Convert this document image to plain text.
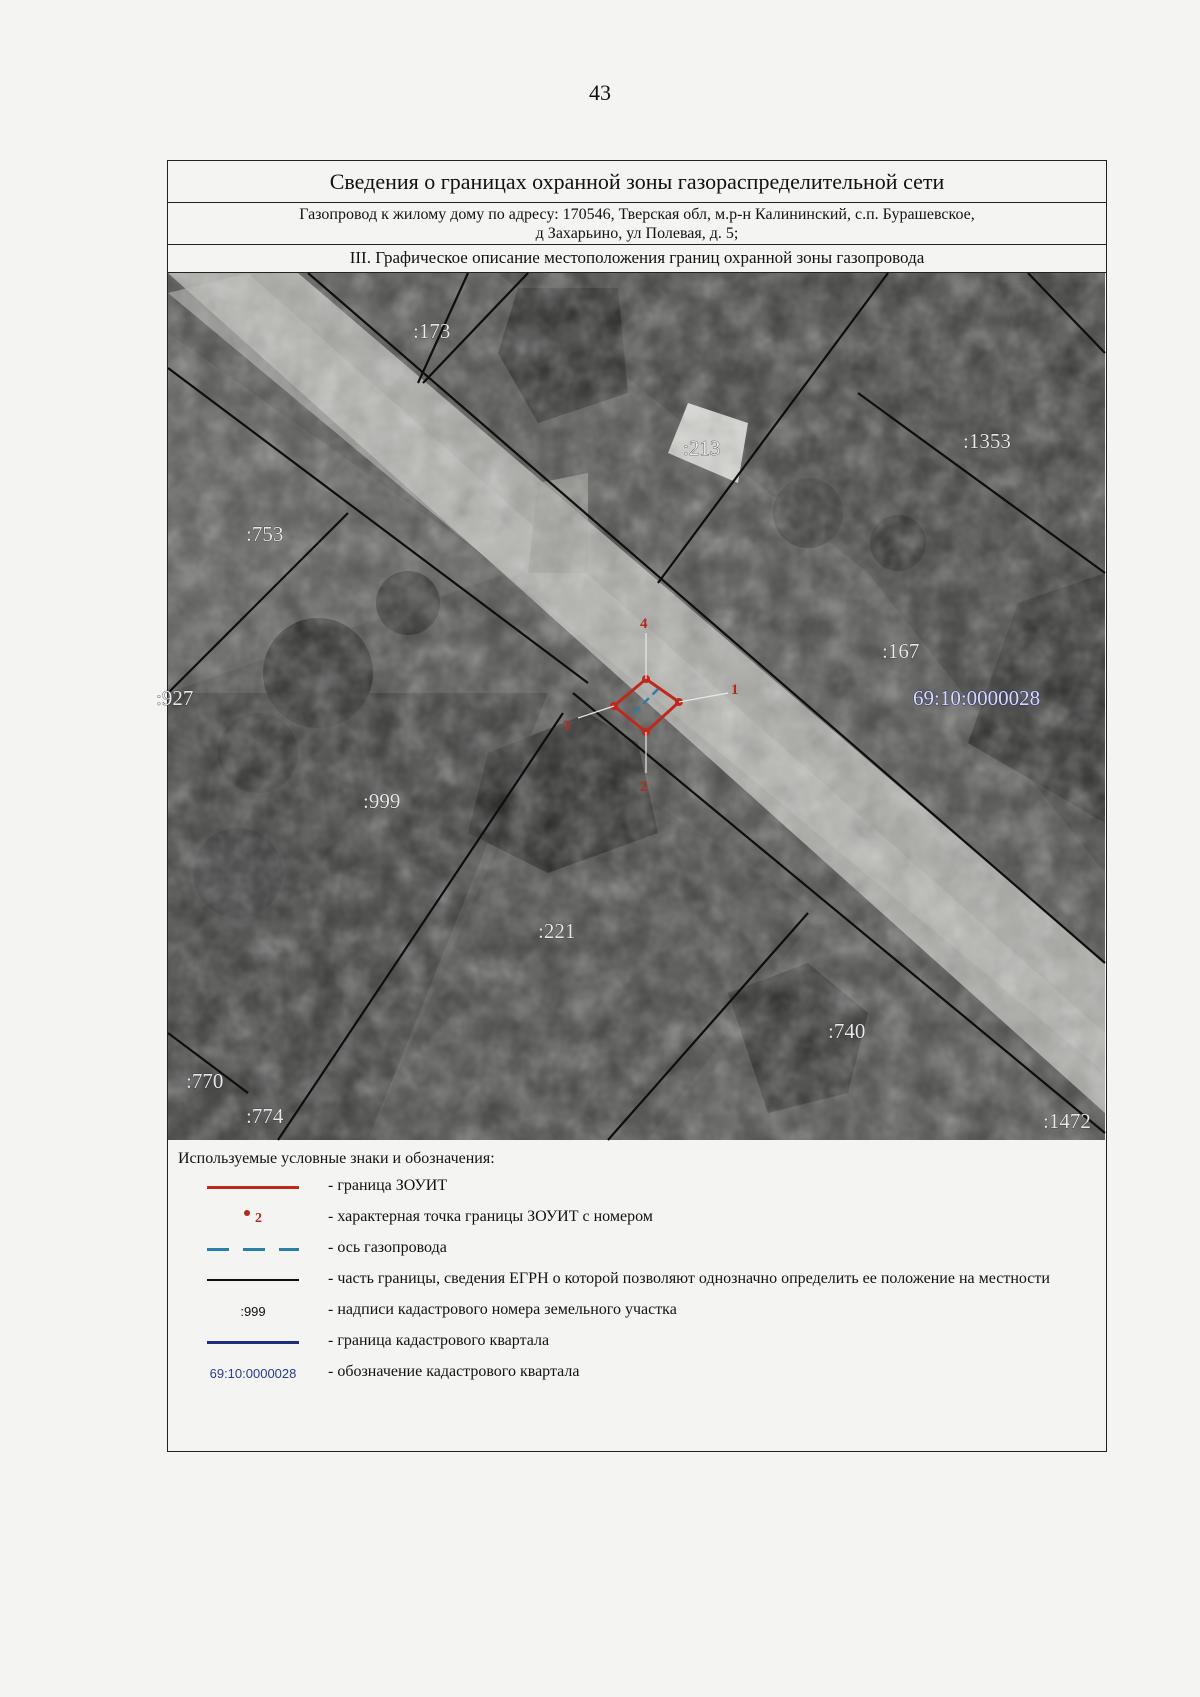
43
Сведения о границах охранной зоны газораспределительной сети
Газопровод к жилому дому по адресу: 170546, Тверская обл, м.р-н Калининский, с.п. Бурашевское,
д Захарьино, ул Полевая, д. 5;
III. Графическое описание местоположения границ охранной зоны газопровода
4
1
2
3
:173
:213	:1353
:753
:167
:927
:999
:221
:740
:770
:774	:1472
69:10:0000028
Используемые условные знаки и обозначения:
- граница ЗОУИТ
2	- характерная точка границы ЗОУИТ с номером
- ось газопровода
- часть границы, сведения ЕГРН о которой позволяют однозначно определить ее положение на местности
:999	- надписи кадастрового номера земельного участка
- граница кадастрового квартала
69:10:0000028 - обозначение кадастрового квартала
